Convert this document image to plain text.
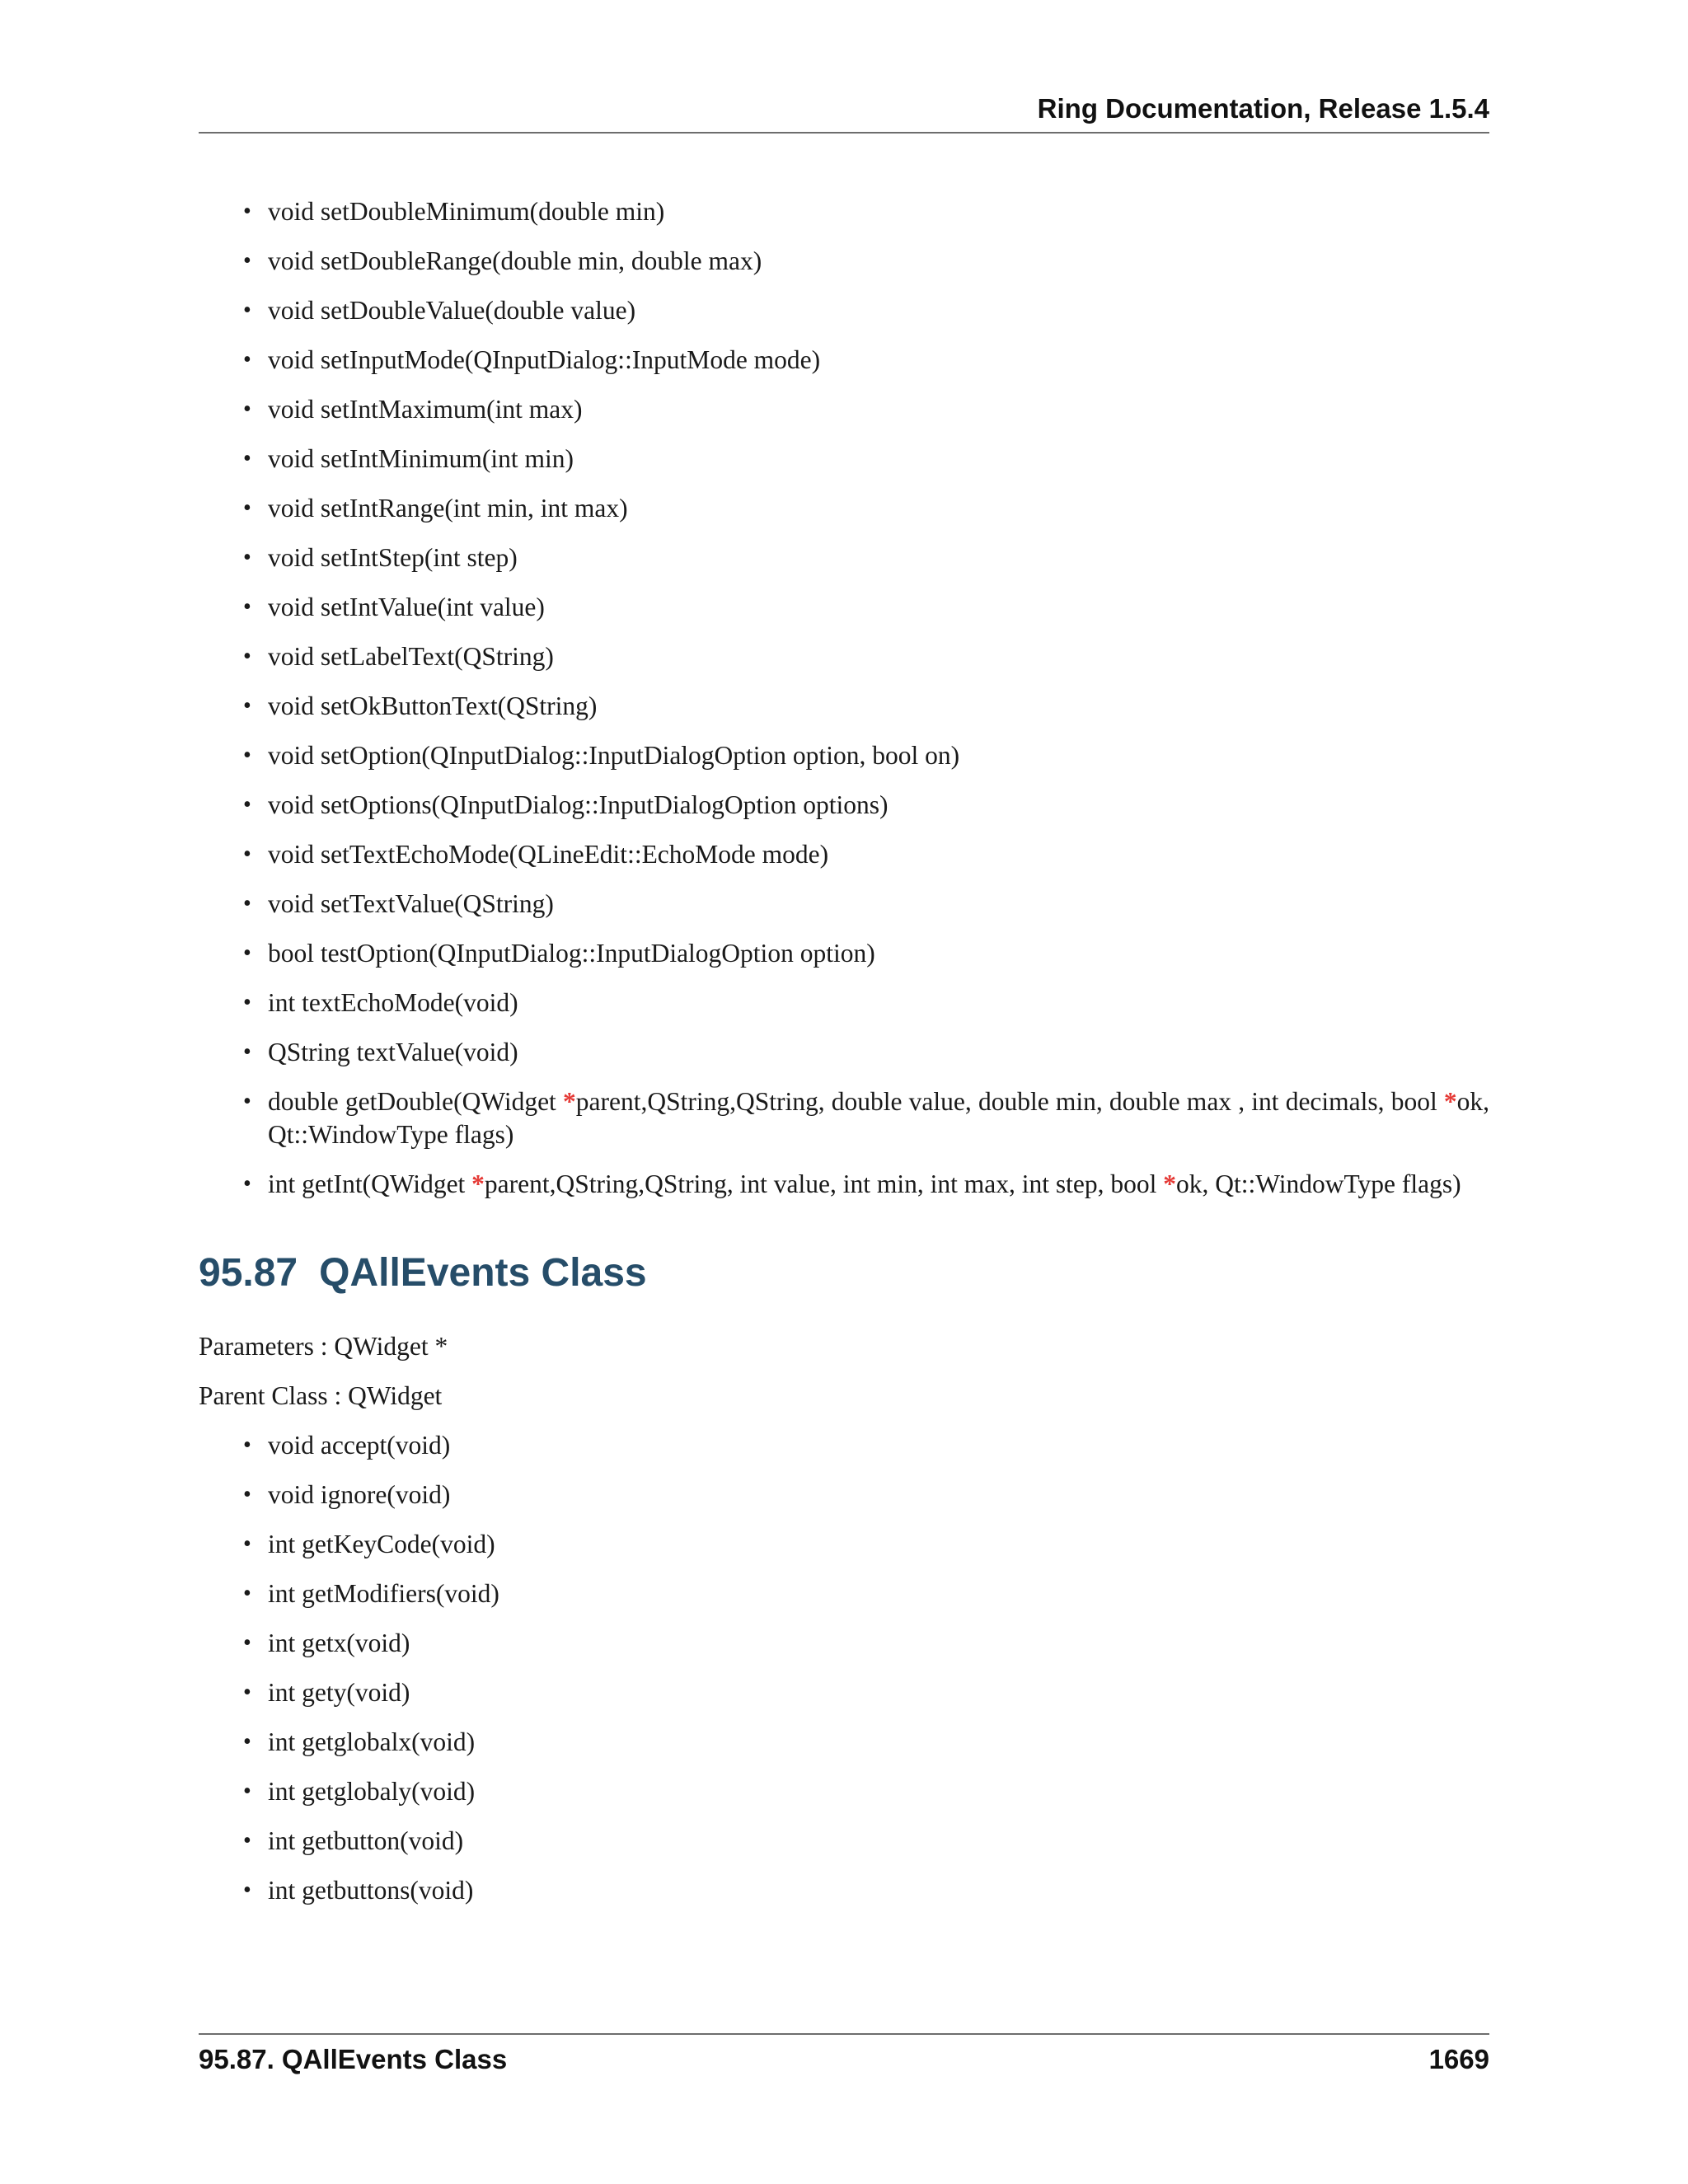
Ring Documentation, Release 1.5.4
• void setDoubleMinimum(double min)
• void setDoubleRange(double min, double max)
• void setDoubleValue(double value)
• void setInputMode(QInputDialog::InputMode mode)
• void setIntMaximum(int max)
• void setIntMinimum(int min)
• void setIntRange(int min, int max)
• void setIntStep(int step)
• void setIntValue(int value)
• void setLabelText(QString)
• void setOkButtonText(QString)
• void setOption(QInputDialog::InputDialogOption option, bool on)
• void setOptions(QInputDialog::InputDialogOption options)
• void setTextEchoMode(QLineEdit::EchoMode mode)
• void setTextValue(QString)
• bool testOption(QInputDialog::InputDialogOption option)
• int textEchoMode(void)
• QString textValue(void)
• double getDouble(QWidget *parent,QString,QString, double value, double min, double max , int decimals, bool *ok, Qt::WindowType flags)
• int getInt(QWidget *parent,QString,QString, int value, int min, int max, int step, bool *ok, Qt::WindowType flags)
95.87 QAllEvents Class

Parameters : QWidget *

Parent Class : QWidget

• void accept(void)
• void ignore(void)
• int getKeyCode(void)
• int getModifiers(void)
• int getx(void)
• int gety(void)
• int getglobalx(void)
• int getglobaly(void)
• int getbutton(void)
• int getbuttons(void)
95.87. QAllEvents Class	1669
